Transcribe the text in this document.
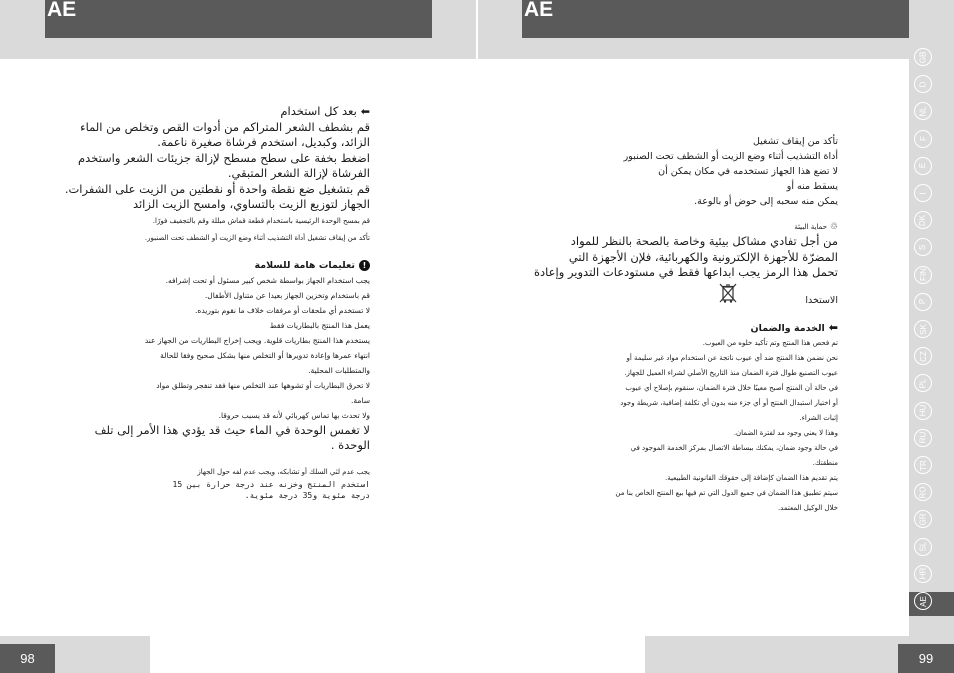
AE	AE
98	99
GB
D
NL
F
E
I
DK
S
FIN
P
SK
CZ
PL
HU
RU
TR
RO
GR
SL
HR
AE

⬅بعد كل استخدام

قم بشطف الشعر المتراكم من أدوات القص وتخلص من الماء

الزائد، وكبديل، استخدم فرشاة صغيرة ناعمة.

اضغط بخفة على سطح مسطح لإزالة جزيئات الشعر واستخدم

الفرشاة لإزالة الشعر المتبقي.

قم بتشغيل ضع نقطة واحدة أو نقطتين من الزيت على الشفرات.

الجهاز لتوزيع الزيت بالتساوي، وامسح الزيت الزائد

قم بمسح الوحدة الرئيسية باستخدام قطعة قماش مبللة وقم بالتجفيف فورًا.

تأكد من إيقاف تشغيل أداة التشذيب أثناء وضع الزيت أو الشطف تحت الصنبور.

!تعليمات هامة للسلامة

يجب استخدام الجهاز بواسطة شخص كبير مسئول أو تحت إشرافه.

قم باستخدام وتخزين الجهاز بعيدا عن متناول الأطفال.

لا تستخدم أي ملحقات أو مرفقات خلاف ما نقوم بتوريده.

يعمل هذا المنتج بالبطاريات فقط

يستخدم هذا المنتج بطاريات قلوية. ويجب إخراج البطاريات من الجهاز عند

انتهاء عمرها وإعادة تدويرها أو التخلص منها بشكل صحيح وفقا للحالة

والمتطلبات المحلية.

لا تحرق البطاريات أو تشوهها عند التخلص منها فقد تنفجر وتطلق مواد

سامة.

ولا تحدث بها تماس كهربائي لأنه قد يسبب حروقا.

لا تغمس الوحدة في الماء حيث قد يؤدي هذا الأمر إلى تلف

الوحدة .

يجب عدم لثي السلك أو تشابكه، ويجب عدم لفه حول الجهاز

استخدم المنتج وخزنه عند درجة حرارة بين 15

درجة مئوية و35 درجة مئوية.

تأكد من إيقاف تشغيل

أداة التشذيب أثناء وضع الزيت أو الشطف تحت الصنبور

لا تضع هذا الجهاز تستخدمه في مكان يمكن أن

يسقط منه أو

يمكن منه سحبه إلى حوض أو بالوعة.

♲حماية البيئة

من أجل تفادي مشاكل بيئية وخاصة بالصحة بالنظر للمواد

المضرّة للأجهزة الإلكترونية والكهربائية، فلإن الأجهزة التي

تحمل هذا الرمز يجب ابداعها فقط في مستودعات التدوير وإعادة

الاستخدا

⬅الخدمة والضمان

تم فحص هذا المنتج وتم تأكيد خلوه من العيوب.

نحن نضمن هذا المنتج ضد أي عيوب ناتجة عن استخدام مواد غير سليمة أو

عيوب التصنيع طوال فترة الضمان منذ التاريخ الأصلي لشراء العميل للجهاز.

في حالة أن المنتج أصبح معيبًا خلال فترة الضمان، سنقوم بإصلاح أي عيوب

أو اختيار استبدال المنتج أو أي جزء منه بدون أي تكلفة إضافية، شريطة وجود

إثبات الشراء.

وهذا لا يعني وجود مد لفترة الضمان.

في حالة وجود ضمان، يمكنك ببساطة الاتصال بمركز الخدمة الموجود في

منطقتك.

يتم تقديم هذا الضمان كإضافة إلى حقوقك القانونية الطبيعية.

سيتم تطبيق هذا الضمان في جميع الدول التي تم فيها بيع المنتج الخاص بنا من

خلال الوكيل المعتمد.
